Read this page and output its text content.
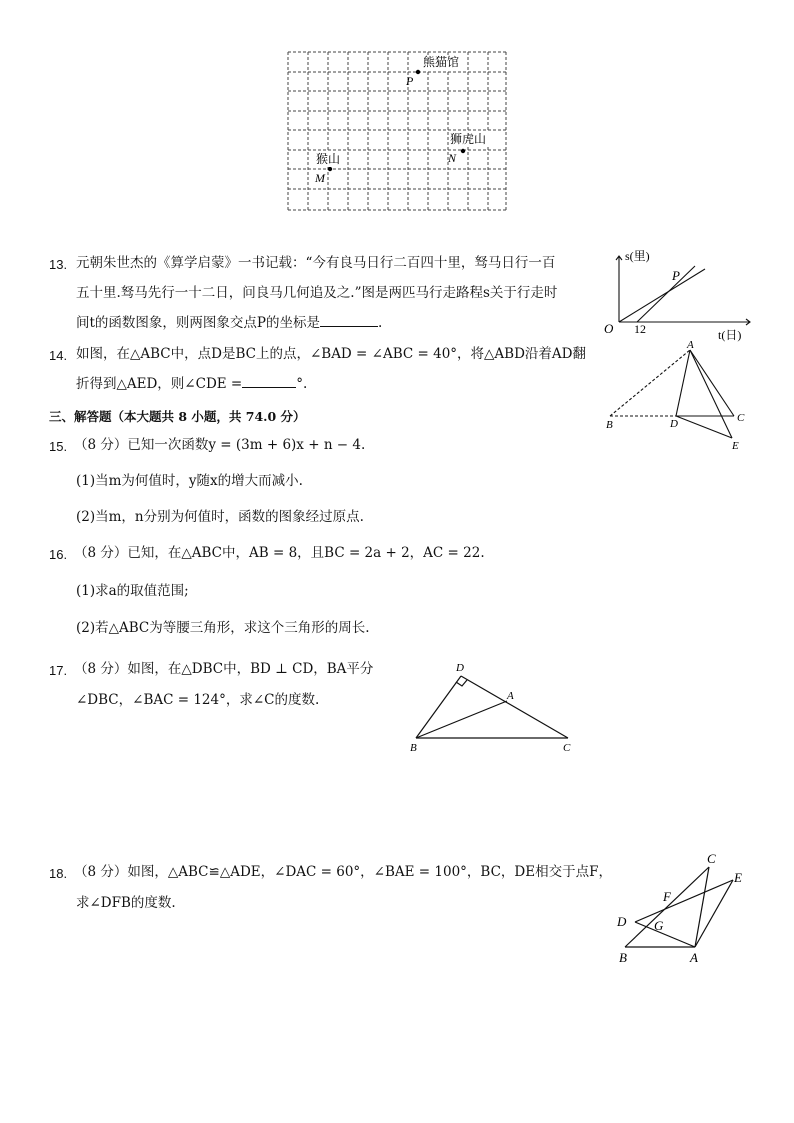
熊猫馆
P
狮虎山
N
猴山
M
13. 元朝朱世杰的《算学启蒙》一书记载：“今有良马日行二百四十里，驽马日行一百
五十里.驽马先行一十二日，问良马几何追及之.”图是两匹马行走路程s关于行走时
间t的函数图象，则两图象交点P的坐标是	.
s(里)
P
O 12	t(日)
14. 如图，在△ABC中，点D是BC上的点，∠BAD = ∠ABC = 40°，将△ABD沿着AD翻
折得到△AED，则∠CDE =	°.
A
B
C
D
E
三、解答题（本大题共 8 小题，共 74.0 分）
15. （8 分）已知一次函数y = (3m + 6)x + n − 4.
(1)当m为何值时，y随x的增大而减小.
(2)当m，n分别为何值时，函数的图象经过原点.
16. （8 分）已知，在△ABC中，AB = 8，且BC = 2a + 2，AC = 22.
(1)求a的取值范围;
(2)若△ABC为等腰三角形，求这个三角形的周长.
17. （8 分）如图，在△DBC中，BD ⊥ CD，BA平分
∠DBC，∠BAC = 124°，求∠C的度数.
D
A
B	C
18. （8 分）如图，△ABC≌△ADE，∠DAC = 60°，∠BAE = 100°，BC，DE相交于点F，
求∠DFB的度数.
C
E
F
D G
B	A
